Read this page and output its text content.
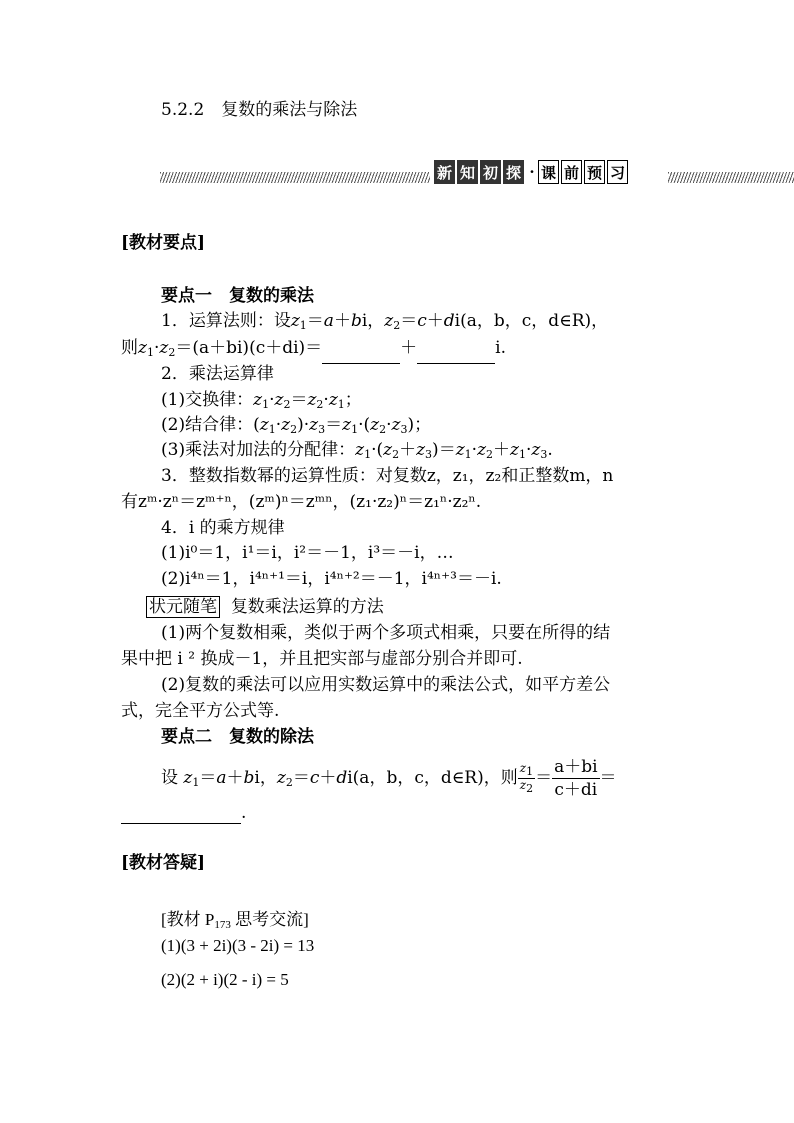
5.2.2　复数的乘法与除法
新 知 初 探 · 课 前 预 习
[教材要点]
要点一　复数的乘法
1．运算法则：设$z_1=a+bi$，$z_2=c+di(a$，b，c，d∈R)，
则$z_1\cdot z_2=(a+bi)(c+di)=$	＋	i.
2．乘法运算律
(1)交换律：$z_1\cdot z_2=z_2\cdot z_1$；
(2)结合律：$(z_1\cdot z_2)\cdot z_3=z_1\cdot(z_2\cdot z_3)$；
(3)乘法对加法的分配律：$z_1\cdot(z_2+z_3)=z_1\cdot z_2+z_1\cdot z_3$.
3．整数指数幂的运算性质：对复数z，z₁，z₂和正整数m，n
有zᵐ·zⁿ＝zᵐ⁺ⁿ，(zᵐ)ⁿ＝zᵐⁿ，(z₁·z₂)ⁿ＝z₁ⁿ·z₂ⁿ.
4．i 的乘方规律
(1)i⁰＝1，i¹＝i，i²＝－1，i³＝－i，…
(2)i⁴ⁿ＝1，i⁴ⁿ⁺¹＝i，i⁴ⁿ⁺²＝－1，i⁴ⁿ⁺³＝－i.
状元随笔 复数乘法运算的方法
(1)两个复数相乘，类似于两个多项式相乘，只要在所得的结
果中把 i ² 换成－1，并且把实部与虚部分别合并即可.
(2)复数的乘法可以应用实数运算中的乘法公式，如平方差公
式，完全平方公式等.
要点二　复数的除法
设 $z_1=a+bi$，$z_2=c+di(a$，b，c，d∈R)，则 $\frac{z1}{z2} = \frac{a+bi}{c+di}$ ＝
.
[教材答疑]
[教材 $P_{173}$ 思考交流]
(1)(3 + 2i)(3 ‑ 2i) = 13
(2)(2 + i)(2 ‑ i) = 5
